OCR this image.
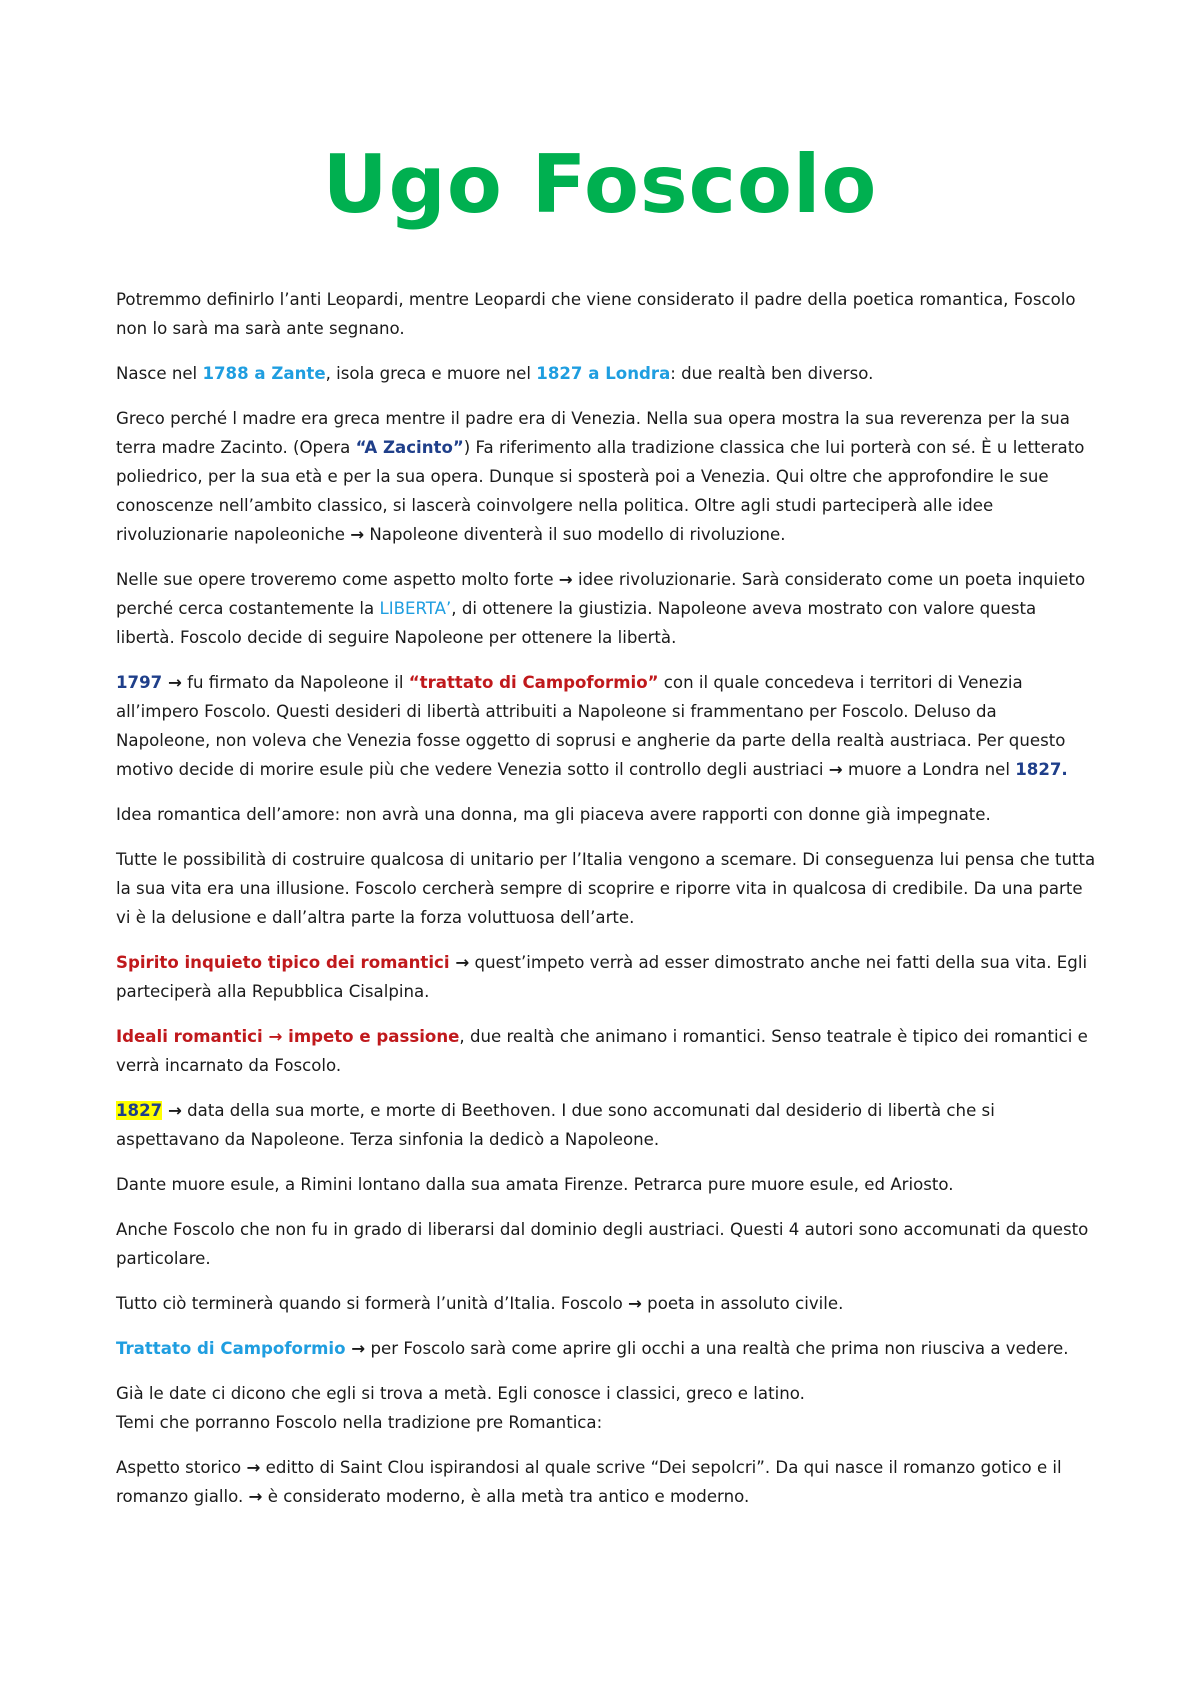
Ugo Foscolo

Potremmo definirlo l’anti Leopardi, mentre Leopardi che viene considerato il padre della poetica romantica, Foscolo non lo sarà ma sarà ante segnano.

Nasce nel 1788 a Zante, isola greca e muore nel 1827 a Londra: due realtà ben diverso.

Greco perché l madre era greca mentre il padre era di Venezia. Nella sua opera mostra la sua reverenza per la sua terra madre Zacinto. (Opera “A Zacinto”) Fa riferimento alla tradizione classica che lui porterà con sé. È u letterato poliedrico, per la sua età e per la sua opera. Dunque si sposterà poi a Venezia. Qui oltre che approfondire le sue conoscenze nell’ambito classico, si lascerà coinvolgere nella politica. Oltre agli studi parteciperà alle idee rivoluzionarie napoleoniche → Napoleone diventerà il suo modello di rivoluzione.

Nelle sue opere troveremo come aspetto molto forte → idee rivoluzionarie. Sarà considerato come un poeta inquieto perché cerca costantemente la LIBERTA’, di ottenere la giustizia. Napoleone aveva mostrato con valore questa libertà. Foscolo decide di seguire Napoleone per ottenere la libertà.

1797 → fu firmato da Napoleone il “trattato di Campoformio” con il quale concedeva i territori di Venezia all’impero Foscolo. Questi desideri di libertà attribuiti a Napoleone si frammentano per Foscolo. Deluso da Napoleone, non voleva che Venezia fosse oggetto di soprusi e angherie da parte della realtà austriaca. Per questo motivo decide di morire esule più che vedere Venezia sotto il controllo degli austriaci → muore a Londra nel 1827.

Idea romantica dell’amore: non avrà una donna, ma gli piaceva avere rapporti con donne già impegnate.

Tutte le possibilità di costruire qualcosa di unitario per l’Italia vengono a scemare. Di conseguenza lui pensa che tutta la sua vita era una illusione. Foscolo cercherà sempre di scoprire e riporre vita in qualcosa di credibile. Da una parte vi è la delusione e dall’altra parte la forza voluttuosa dell’arte.

Spirito inquieto tipico dei romantici → quest’impeto verrà ad esser dimostrato anche nei fatti della sua vita. Egli parteciperà alla Repubblica Cisalpina.

Ideali romantici → impeto e passione, due realtà che animano i romantici. Senso teatrale è tipico dei romantici e verrà incarnato da Foscolo.

1827 → data della sua morte, e morte di Beethoven. I due sono accomunati dal desiderio di libertà che si aspettavano da Napoleone. Terza sinfonia la dedicò a Napoleone.

Dante muore esule, a Rimini lontano dalla sua amata Firenze. Petrarca pure muore esule, ed Ariosto.

Anche Foscolo che non fu in grado di liberarsi dal dominio degli austriaci. Questi 4 autori sono accomunati da questo particolare.

Tutto ciò terminerà quando si formerà l’unità d’Italia. Foscolo → poeta in assoluto civile.

Trattato di Campoformio → per Foscolo sarà come aprire gli occhi a una realtà che prima non riusciva a vedere.

Già le date ci dicono che egli si trova a metà. Egli conosce i classici, greco e latino.
Temi che porranno Foscolo nella tradizione pre Romantica:

Aspetto storico → editto di Saint Clou ispirandosi al quale scrive “Dei sepolcri”. Da qui nasce il romanzo gotico e il romanzo giallo. → è considerato moderno, è alla metà tra antico e moderno.
